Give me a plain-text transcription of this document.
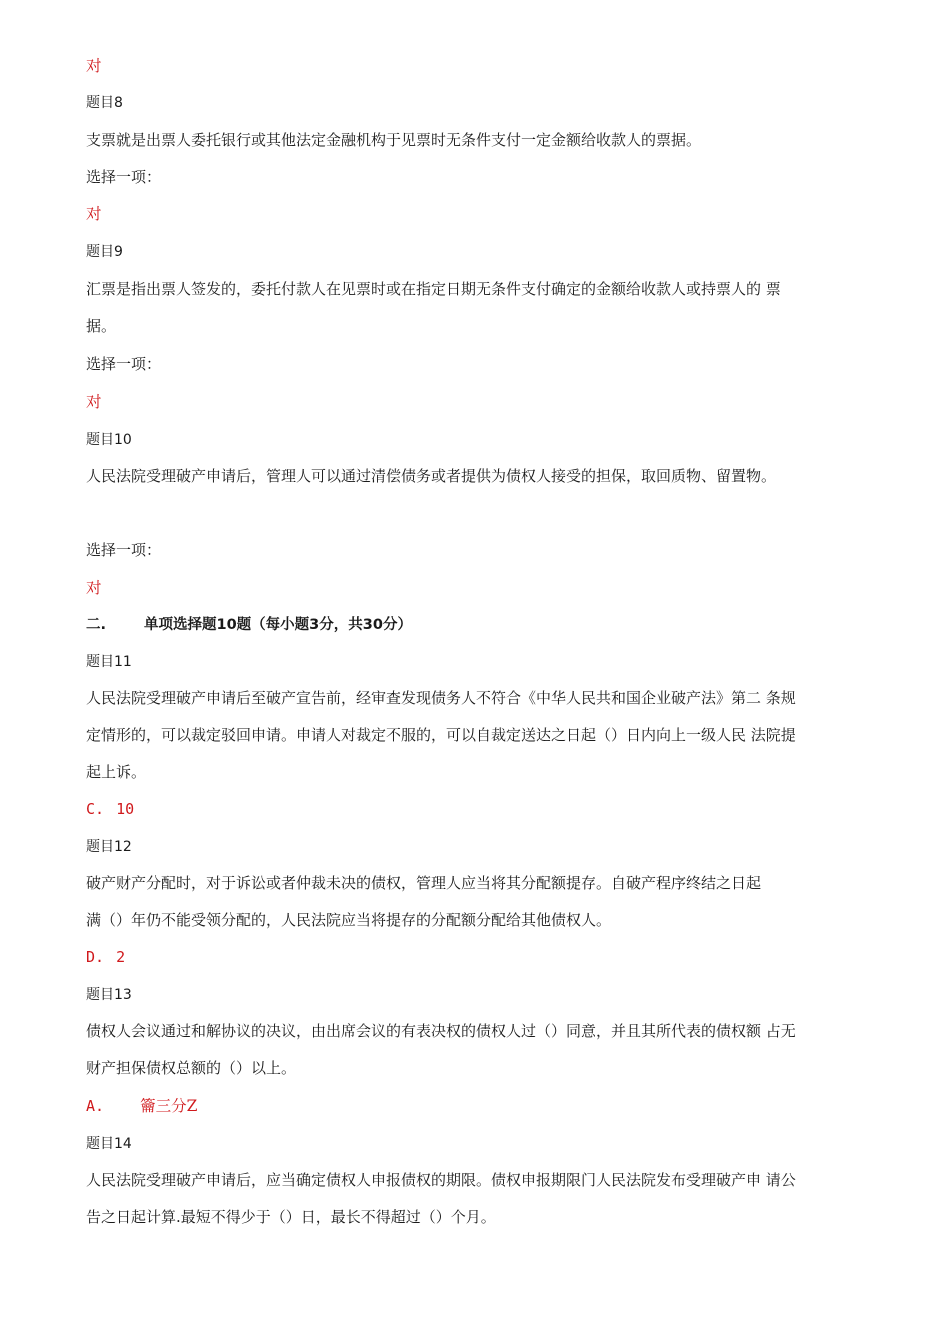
对
题目8
支票就是出票人委托银行或其他法定金融机构于见票时无条件支付一定金额给收款人的票据。
选择一项：
对
题目9
汇票是指出票人签发的，委托付款人在见票时或在指定日期无条件支付确定的金额给收款人或持票人的 票
据。
选择一项：
对
题目10
人民法院受理破产申请后，管理人可以通过清偿债务或者提供为债权人接受的担保，取回质物、留置物。
选择一项：
对
二.	单项选择题10题（每小题3分，共30分）
题目11
人民法院受理破产申请后至破产宣告前，经审查发现债务人不符合《中华人民共和国企业破产法》第二 条规
定情形的，可以裁定驳回申请。申请人对裁定不服的，可以自裁定送达之日起（）日内向上一级人民 法院提
起上诉。
C. 10
题目12
破产财产分配时，对于诉讼或者仲裁未决的债权，管理人应当将其分配额提存。自破产程序终结之日起
满（）年仍不能受领分配的，人民法院应当将提存的分配额分配给其他债权人。
D. 2
题目13
债权人会议通过和解协议的决议，由出席会议的有表决权的债权人过（）同意，并且其所代表的债权额 占无
财产担保债权总额的（）以上。
A. 籥三分Z
题目14
人民法院受理破产申请后，应当确定债权人申报债权的期限。债权申报期限门人民法院发布受理破产申 请公
告之日起计算.最短不得少于（）日，最长不得超过（）个月。
